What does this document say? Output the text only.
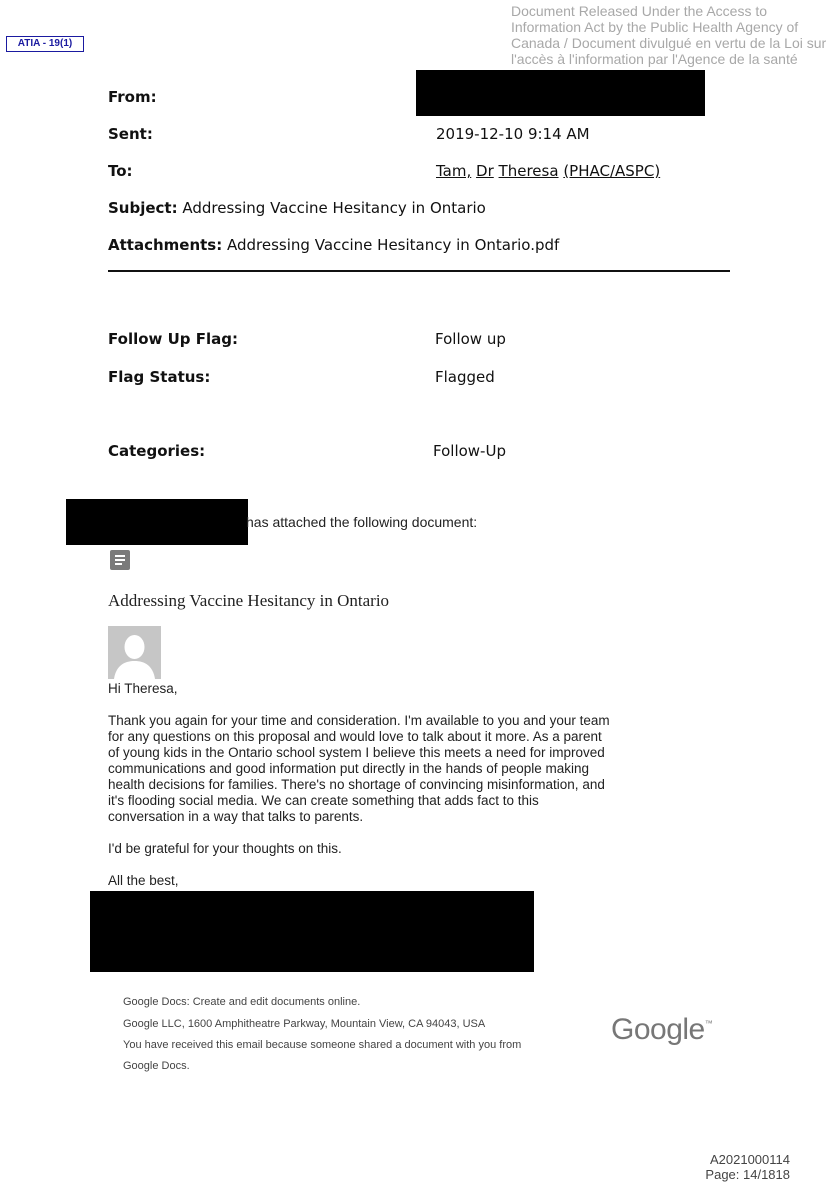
ATIA - 19(1)
Document Released Under the Access to Information Act by the Public Health Agency of Canada / Document divulgué en vertu de la Loi sur l'accès à l'information par l'Agence de la santé
From:
Sent:	2019-12-10 9:14 AM
To:	Tam, Dr Theresa (PHAC/ASPC)
Subject: Addressing Vaccine Hesitancy in Ontario
Attachments: Addressing Vaccine Hesitancy in Ontario.pdf
Follow Up Flag:	Follow up
Flag Status:	Flagged
Categories:	Follow-Up
has attached the following document:
Addressing Vaccine Hesitancy in Ontario
Hi Theresa,
Thank you again for your time and consideration. I'm available to you and your team
for any questions on this proposal and would love to talk about it more. As a parent
of young kids in the Ontario school system I believe this meets a need for improved
communications and good information put directly in the hands of people making
health decisions for families. There's no shortage of convincing misinformation, and
it's flooding social media. We can create something that adds fact to this
conversation in a way that talks to parents.
I'd be grateful for your thoughts on this.
All the best,
Google Docs: Create and edit documents online.
Google LLC, 1600 Amphitheatre Parkway, Mountain View, CA 94043, USA
You have received this email because someone shared a document with you from
Google Docs.
Google™
A2021000114
Page: 14/1818
